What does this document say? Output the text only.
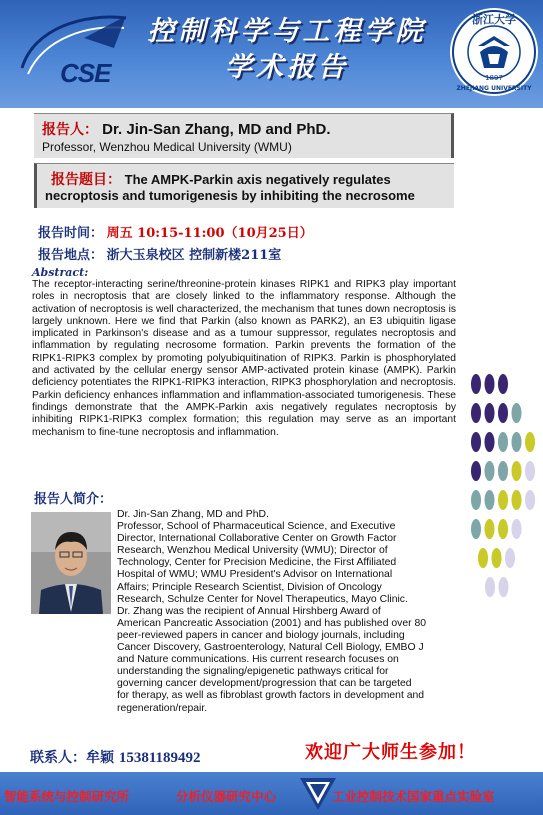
CSE
控制科学与工程学院
学术报告
浙江大学
1897
ZHEJIANG UNIVERSITY
报告人： Dr. Jin-San Zhang, MD and PhD.
Professor, Wenzhou Medical University (WMU)
报告题目： The AMPK-Parkin axis negatively regulates
necroptosis and tumorigenesis by inhibiting the necrosome
报告时间： 周五 10:15-11:00（10月25日）
报告地点： 浙大玉泉校区 控制新楼211室
Abstract:
The receptor-interacting serine/threonine-protein kinases RIPK1 and RIPK3 play important roles in necroptosis that are closely linked to the inflammatory response. Although the activation of necroptosis is well characterized, the mechanism that tunes down necroptosis is largely unknown. Here we find that Parkin (also known as PARK2), an E3 ubiquitin ligase implicated in Parkinson's disease and as a tumour suppressor, regulates necroptosis and inflammation by regulating necrosome formation. Parkin prevents the formation of the RIPK1-RIPK3 complex by promoting polyubiquitination of RIPK3. Parkin is phosphorylated and activated by the cellular energy sensor AMP-activated protein kinase (AMPK). Parkin deficiency potentiates the RIPK1-RIPK3 interaction, RIPK3 phosphorylation and necroptosis. Parkin deficiency enhances inflammation and inflammation-associated tumorigenesis. These findings demonstrate that the AMPK-Parkin axis negatively regulates necroptosis by inhibiting RIPK1-RIPK3 complex formation; this regulation may serve as an important mechanism to fine-tune necroptosis and inflammation.
报告人简介：
Dr. Jin-San Zhang, MD and PhD.
Professor, School of Pharmaceutical Science, and Executive
Director, International Collaborative Center on Growth Factor
Research, Wenzhou Medical University (WMU); Director of
Technology, Center for Precision Medicine, the First Affiliated
Hospital of WMU; WMU President's Advisor on International
Affairs; Principle Research Scientist, Division of Oncology
Research, Schulze Center for Novel Therapeutics, Mayo Clinic.
Dr. Zhang was the recipient of Annual Hirshberg Award of
American Pancreatic Association (2001) and has published over 80
peer-reviewed papers in cancer and biology journals, including
Cancer Discovery, Gastroenterology, Natural Cell Biology, EMBO J
and Nature communications. His current research focuses on
understanding the signaling/epigenetic pathways critical for
governing cancer development/progression that can be targeted
for therapy, as well as fibroblast growth factors in development and
regeneration/repair.
联系人：牟颖 15381189492	欢迎广大师生参加！
智能系统与控制研究所	分析仪器研究中心	工业控制技术国家重点实验室
